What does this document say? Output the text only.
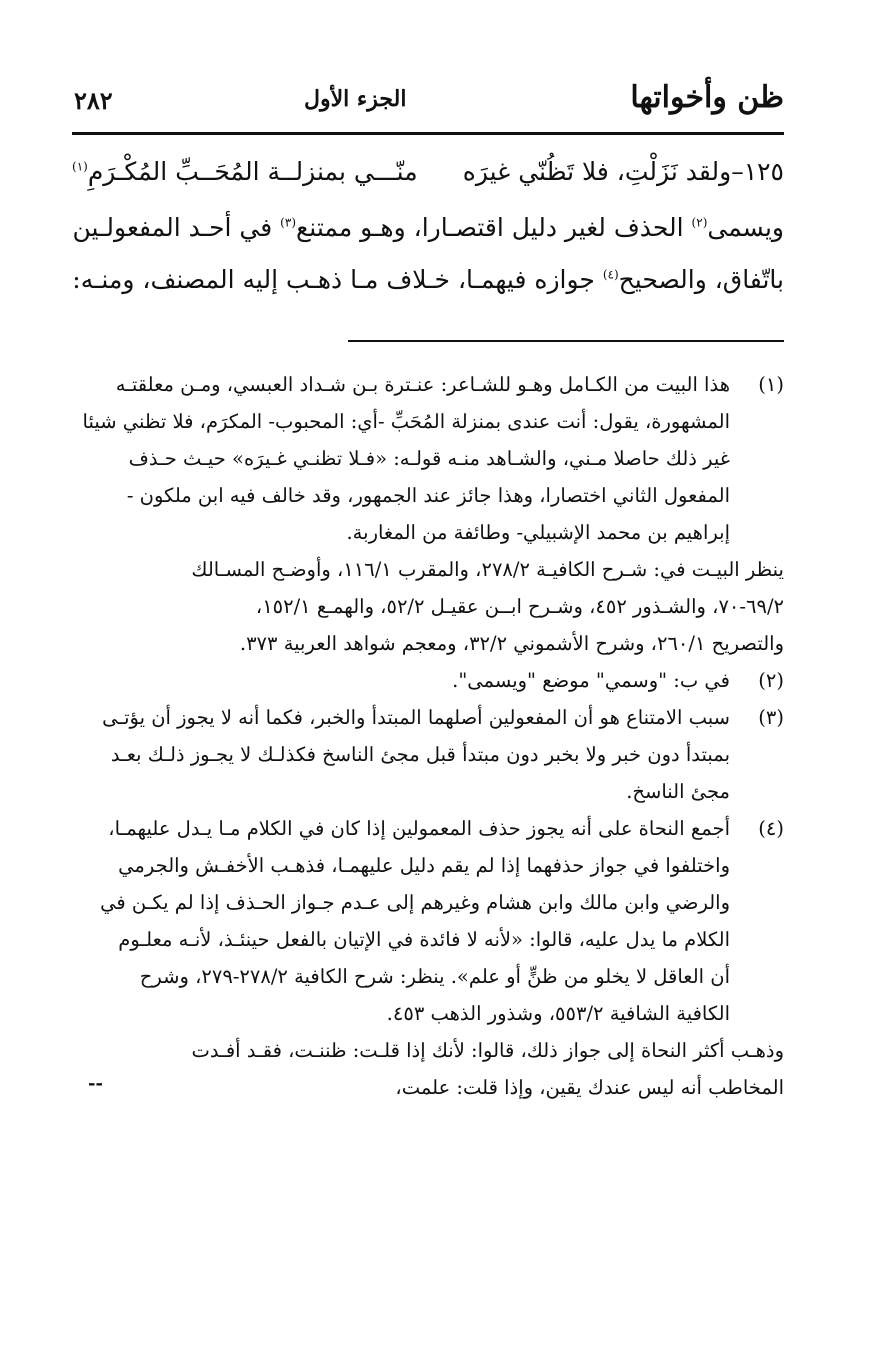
ظن وأخواتها
الجزء الأول
٢٨٢
١٢٥–ولقد نَزَلْتِ، فلا تَظُنّي غيرَه
منّـــي بمنزلــة المُحَــبِّ المُكْـرَمِ$^{(١)}$

ويسمى$^{(٢)}$ الحذف لغير دليل اقتصـارا، وهـو ممتنع$^{(٣)}$ في أحـد المفعولـين
باتّفاق، والصحيح$^{(٤)}$ جوازه فيهمـا، خـلاف مـا ذهـب إليه المصنف، ومنـه:

(١)
هذا البيت من الكـامل وهـو للشـاعر: عنـترة بـن شـداد العبسي، ومـن معلقتـه
المشهورة، يقول: أنت عندى بمنزلة المُحَبِّ -أي: المحبوب- المكرَم، فلا تظني شيئا
غير ذلك حاصلا مـني، والشـاهد منـه قولـه: «فـلا تظنـي غـيرَه» حيـث حـذف
المفعول الثاني اختصارا، وهذا جائز عند الجمهور، وقد خالف فيه ابن ملكون -
إبراهيم بن محمد الإشبيلي- وطائفة من المغاربة.
ينظر البيـت في: شـرح الكافيـة ٢٧٨/٢، والمقرب ١١٦/١، وأوضـح المسـالك
٦٩/٢-٧٠، والشـذور ٤٥٢، وشـرح ابــن عقيـل ٥٢/٢، والهمـع ١٥٢/١،
والتصريح ٢٦٠/١، وشرح الأشموني ٣٢/٢، ومعجم شواهد العربية ٣٧٣.
(٢)
في ب: "وسمي" موضع "ويسمى".
(٣)
سبب الامتناع هو أن المفعولين أصلهما المبتدأ والخبر، فكما أنه لا يجوز أن يؤتـى
بمبتدأ دون خبر ولا بخبر دون مبتدأ قبل مجئ الناسخ فكذلـك لا يجـوز ذلـك بعـد
مجئ الناسخ.
(٤)
أجمع النحاة على أنه يجوز حذف المعمولين إذا كان في الكلام مـا يـدل عليهمـا،
واختلفوا في جواز حذفهما إذا لم يقم دليل عليهمـا، فذهـب الأخفـش والجرمي
والرضي وابن مالك وابن هشام وغيرهم إلى عـدم جـواز الحـذف إذا لم يكـن في
الكلام ما يدل عليه، قالوا: «لأنه لا فائدة في الإتيان بالفعل حينئـذ، لأنـه معلـوم
أن العاقل لا يخلو من ظنٍّ أو علم». ينظر: شرح الكافية ٢٧٨/٢-٢٧٩، وشرح
الكافية الشافية ٥٥٣/٢، وشذور الذهب ٤٥٣.
وذهـب أكثر النحاة إلى جواز ذلك، قالوا: لأنك إذا قلـت: ظننـت، فقـد أفـدت
المخاطب أنه ليس عندك يقين، وإذا قلت: علمت،
--
